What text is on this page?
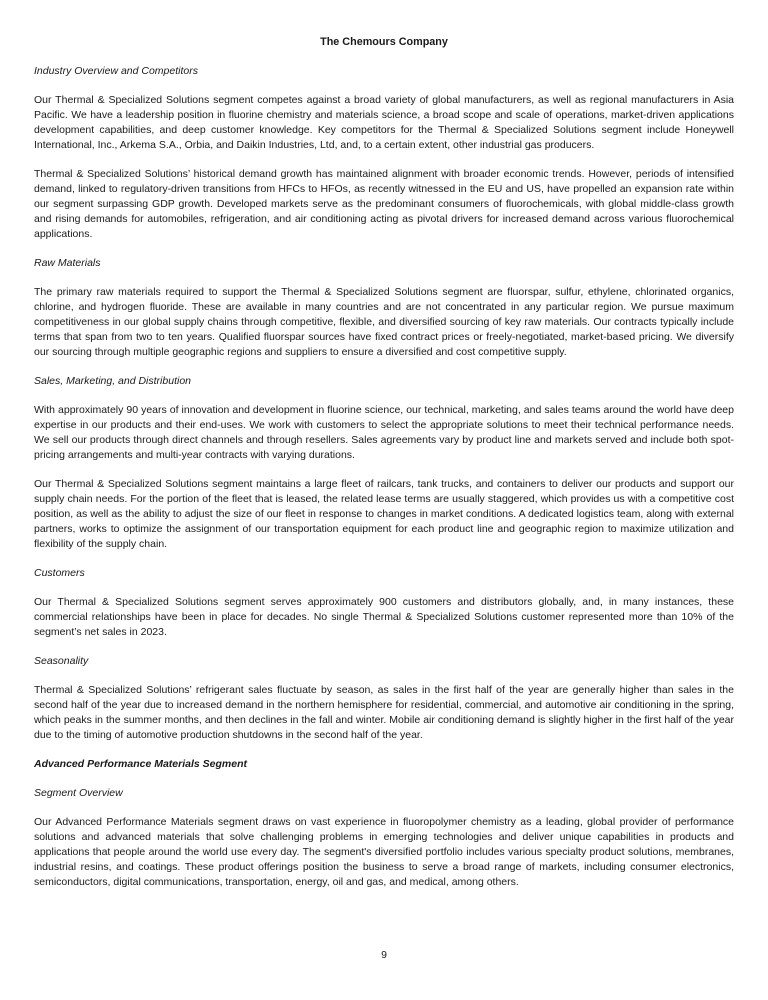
The Chemours Company
Industry Overview and Competitors

Our Thermal & Specialized Solutions segment competes against a broad variety of global manufacturers, as well as regional manufacturers in Asia Pacific. We have a leadership position in fluorine chemistry and materials science, a broad scope and scale of operations, market-driven applications development capabilities, and deep customer knowledge. Key competitors for the Thermal & Specialized Solutions segment include Honeywell International, Inc., Arkema S.A., Orbia, and Daikin Industries, Ltd, and, to a certain extent, other industrial gas producers.

Thermal & Specialized Solutions’ historical demand growth has maintained alignment with broader economic trends. However, periods of intensified demand, linked to regulatory-driven transitions from HFCs to HFOs, as recently witnessed in the EU and US, have propelled an expansion rate within our segment surpassing GDP growth. Developed markets serve as the predominant consumers of fluorochemicals, with global middle-class growth and rising demands for automobiles, refrigeration, and air conditioning acting as pivotal drivers for increased demand across various fluorochemical applications.

Raw Materials

The primary raw materials required to support the Thermal & Specialized Solutions segment are fluorspar, sulfur, ethylene, chlorinated organics, chlorine, and hydrogen fluoride. These are available in many countries and are not concentrated in any particular region. We pursue maximum competitiveness in our global supply chains through competitive, flexible, and diversified sourcing of key raw materials. Our contracts typically include terms that span from two to ten years. Qualified fluorspar sources have fixed contract prices or freely-negotiated, market-based pricing. We diversify our sourcing through multiple geographic regions and suppliers to ensure a diversified and cost competitive supply.

Sales, Marketing, and Distribution

With approximately 90 years of innovation and development in fluorine science, our technical, marketing, and sales teams around the world have deep expertise in our products and their end-uses. We work with customers to select the appropriate solutions to meet their technical performance needs. We sell our products through direct channels and through resellers. Sales agreements vary by product line and markets served and include both spot-pricing arrangements and multi-year contracts with varying durations.

Our Thermal & Specialized Solutions segment maintains a large fleet of railcars, tank trucks, and containers to deliver our products and support our supply chain needs. For the portion of the fleet that is leased, the related lease terms are usually staggered, which provides us with a competitive cost position, as well as the ability to adjust the size of our fleet in response to changes in market conditions. A dedicated logistics team, along with external partners, works to optimize the assignment of our transportation equipment for each product line and geographic region to maximize utilization and flexibility of the supply chain.

Customers

Our Thermal & Specialized Solutions segment serves approximately 900 customers and distributors globally, and, in many instances, these commercial relationships have been in place for decades. No single Thermal & Specialized Solutions customer represented more than 10% of the segment’s net sales in 2023.

Seasonality

Thermal & Specialized Solutions’ refrigerant sales fluctuate by season, as sales in the first half of the year are generally higher than sales in the second half of the year due to increased demand in the northern hemisphere for residential, commercial, and automotive air conditioning in the spring, which peaks in the summer months, and then declines in the fall and winter. Mobile air conditioning demand is slightly higher in the first half of the year due to the timing of automotive production shutdowns in the second half of the year.

Advanced Performance Materials Segment
Segment Overview

Our Advanced Performance Materials segment draws on vast experience in fluoropolymer chemistry as a leading, global provider of performance solutions and advanced materials that solve challenging problems in emerging technologies and deliver unique capabilities in products and applications that people around the world use every day. The segment's diversified portfolio includes various specialty product solutions, membranes, industrial resins, and coatings. These product offerings position the business to serve a broad range of markets, including consumer electronics, semiconductors, digital communications, transportation, energy, oil and gas, and medical, among others.

9
